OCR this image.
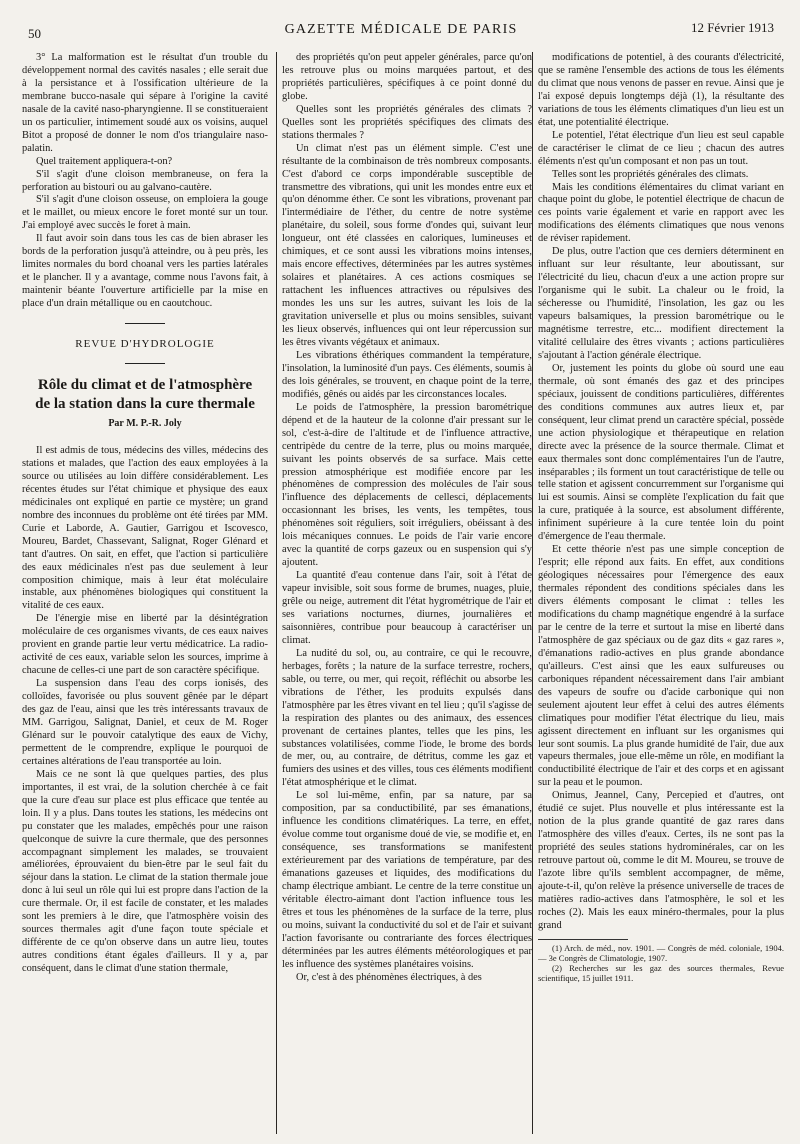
50	GAZETTE MÉDICALE DE PARIS	12 Février 1913

3° La malformation est le résultat d'un trouble du développement normal des cavités nasales ; elle serait due à la persistance et à l'ossification ultérieure de la membrane bucco-nasale qui sépare à l'origine la cavité nasale de la cavité naso-pharyngienne. Il se constitueraient un os particulier, intimement soudé aux os voisins, auquel Bitot a proposé de donner le nom d'os triangulaire naso-palatin.

Quel traitement appliquera-t-on?

S'il s'agit d'une cloison membraneuse, on fera la perforation au bistouri ou au galvano-cautère.

S'il s'agit d'une cloison osseuse, on emploiera la gouge et le maillet, ou mieux encore le foret monté sur un tour. J'ai employé avec succès le foret à main.

Il faut avoir soin dans tous les cas de bien abraser les bords de la perforation jusqu'à atteindre, ou à peu près, les limites normales du bord choanal vers les parties latérales et le plancher. Il y a avantage, comme nous l'avons fait, à maintenir béante l'ouverture artificielle par la mise en place d'un drain métallique ou en caoutchouc.

REVUE D'HYDROLOGIE
Rôle du climat et de l'atmosphère
de la station dans la cure thermale
Par M. P.-R. Joly

Il est admis de tous, médecins des villes, médecins des stations et malades, que l'action des eaux employées à la source ou utilisées au loin diffère considérablement. Les récentes études sur l'état chimique et physique des eaux médicinales ont expliqué en partie ce mystère; un grand nombre des inconnues du problème ont été tirées par MM. Curie et Laborde, A. Gautier, Garrigou et Iscovesco, Moureu, Bardet, Chassevant, Salignat, Roger Glénard et tant d'autres. On sait, en effet, que l'action si particulière des eaux médicinales n'est pas due seulement à leur composition chimique, mais à leur état moléculaire instable, aux phénomènes biologiques qui constituent la vitalité de ces eaux.

De l'énergie mise en liberté par la désintégration moléculaire de ces organismes vivants, de ces eaux naives provient en grande partie leur vertu médicatrice. La radio-activité de ces eaux, variable selon les sources, imprime à chacune de celles-ci une part de son caractère spécifique.

La suspension dans l'eau des corps ionisés, des colloïdes, favorisée ou plus souvent gênée par le départ des gaz de l'eau, ainsi que les très intéressants travaux de MM. Garrigou, Salignat, Daniel, et ceux de M. Roger Glénard sur le pouvoir catalytique des eaux de Vichy, permettent de le comprendre, explique le pourquoi de certaines altérations de l'eau transportée au loin.

Mais ce ne sont là que quelques parties, des plus importantes, il est vrai, de la solution cherchée à ce fait que la cure d'eau sur place est plus efficace que tentée au loin. Il y a plus. Dans toutes les stations, les médecins ont pu constater que les malades, empêchés pour une raison quelconque de suivre la cure thermale, que des personnes accompagnant simplement les malades, se trouvaient améliorées, éprouvaient du bien-être par le seul fait du séjour dans la station. Le climat de la station thermale joue donc à lui seul un rôle qui lui est propre dans l'action de la cure thermale. Or, il est facile de constater, et les malades sont les premiers à le dire, que l'atmosphère voisin des sources thermales agit d'une façon toute spéciale et différente de ce qu'on observe dans un autre lieu, toutes autres conditions étant égales d'ailleurs. Il y a, par conséquent, dans le climat d'une station thermale,

des propriétés qu'on peut appeler générales, parce qu'on les retrouve plus ou moins marquées partout, et des propriétés particulières, spécifiques à ce point donné du globe.

Quelles sont les propriétés générales des climats ? Quelles sont les propriétés spécifiques des climats des stations thermales ?

Un climat n'est pas un élément simple. C'est une résultante de la combinaison de très nombreux composants. C'est d'abord ce corps impondérable susceptible de transmettre des vibrations, qui unit les mondes entre eux et qu'on dénomme éther. Ce sont les vibrations, provenant par l'intermédiaire de l'éther, du centre de notre système planétaire, du soleil, sous forme d'ondes qui, suivant leur longueur, ont été classées en caloriques, lumineuses et chimiques, et ce sont aussi les vibrations moins intenses, mais encore effectives, déterminées par les autres systèmes solaires et planétaires. A ces actions cosmiques se rattachent les influences attractives ou répulsives des mondes les uns sur les autres, suivant les lois de la gravitation universelle et plus ou moins sensibles, suivant les lieux observés, influences qui ont leur répercussion sur les êtres vivants végétaux et animaux.

Les vibrations éthériques commandent la température, l'insolation, la luminosité d'un pays. Ces éléments, soumis à des lois générales, se trouvent, en chaque point de la terre, modifiés, gênés ou aidés par les circonstances locales.

Le poids de l'atmosphère, la pression barométrique dépend et de la hauteur de la colonne d'air pressant sur le sol, c'est-à-dire de l'altitude et de l'influence attractive, centripède du centre de la terre, plus ou moins marquée, suivant les points observés de sa surface. Mais cette pression atmosphérique est modifiée encore par les phénomènes de compression des molécules de l'air sous l'influence des déplacements de cellesci, déplacements occasionnant les brises, les vents, les tempêtes, tous phénomènes soit réguliers, soit irréguliers, obéissant à des lois mécaniques connues. Le poids de l'air varie encore avec la quantité de corps gazeux ou en suspension qui s'y ajoutent.

La quantité d'eau contenue dans l'air, soit à l'état de vapeur invisible, soit sous forme de brumes, nuages, pluie, grêle ou neige, autrement dit l'état hygrométrique de l'air et ses variations nocturnes, diurnes, journalières et saisonnières, contribue pour beaucoup à caractériser un climat.

La nudité du sol, ou, au contraire, ce qui le recouvre, herbages, forêts ; la nature de la surface terrestre, rochers, sable, ou terre, ou mer, qui reçoit, réfléchit ou absorbe les vibrations de l'éther, les produits expulsés dans l'atmosphère par les êtres vivant en tel lieu ; qu'il s'agisse de la respiration des plantes ou des animaux, des essences provenant de certaines plantes, telles que les pins, les substances volatilisées, comme l'iode, le brome des bords de mer, ou, au contraire, de détritus, comme les gaz et fumiers des usines et des villes, tous ces éléments modifient l'état atmosphérique et le climat.

Le sol lui-même, enfin, par sa nature, par sa composition, par sa conductibilité, par ses émanations, influence les conditions climatériques. La terre, en effet, évolue comme tout organisme doué de vie, se modifie et, en conséquence, ses transformations se manifestent extérieurement par des variations de température, par des émanations gazeuses et liquides, des modifications du champ électrique ambiant. Le centre de la terre constitue un véritable électro-aimant dont l'action influence tous les êtres et tous les phénomènes de la surface de la terre, plus ou moins, suivant la conductivité du sol et de l'air et suivant l'action favorisante ou contrariante des forces électriques déterminées par les autres éléments météorologiques et par les influence des systèmes planétaires voisins.

Or, c'est à des phénomènes électriques, à des

modifications de potentiel, à des courants d'électricité, que se ramène l'ensemble des actions de tous les éléments du climat que nous venons de passer en revue. Ainsi que je l'ai exposé depuis longtemps déjà (1), la résultante des variations de tous les éléments climatiques d'un lieu est un état, une potentialité électrique.

Le potentiel, l'état électrique d'un lieu est seul capable de caractériser le climat de ce lieu ; chacun des autres éléments n'est qu'un composant et non pas un tout.

Telles sont les propriétés générales des climats.

Mais les conditions élémentaires du climat variant en chaque point du globe, le potentiel électrique de chacun de ces points varie également et varie en rapport avec les modifications des éléments climatiques que nous venons de réviser rapidement.

De plus, outre l'action que ces derniers déterminent en influant sur leur résultante, leur aboutissant, sur l'électricité du lieu, chacun d'eux a une action propre sur l'organisme qui le subit. La chaleur ou le froid, la sécheresse ou l'humidité, l'insolation, les gaz ou les vapeurs balsamiques, la pression barométrique ou le magnétisme terrestre, etc... modifient directement la vitalité cellulaire des êtres vivants ; actions particulières s'ajoutant à l'action générale électrique.

Or, justement les points du globe où sourd une eau thermale, où sont émanés des gaz et des principes spéciaux, jouissent de conditions particulières, différentes des conditions communes aux autres lieux et, par conséquent, leur climat prend un caractère spécial, possède une action physiologique et thérapeutique en relation directe avec la présence de la source thermale. Climat et eaux thermales sont donc complémentaires l'un de l'autre, inséparables ; ils forment un tout caractéristique de telle ou telle station et agissent concurremment sur l'organisme qui lui est soumis. Ainsi se complète l'explication du fait que la cure, pratiquée à la source, est absolument différente, infiniment supérieure à la cure tentée loin du point d'émergence de l'eau thermale.

Et cette théorie n'est pas une simple conception de l'esprit; elle répond aux faits. En effet, aux conditions géologiques nécessaires pour l'émergence des eaux thermales répondent des conditions spéciales dans les divers éléments composant le climat : telles les modifications du champ magnétique engendré à la surface par le centre de la terre et surtout la mise en liberté dans l'atmosphère de gaz spéciaux ou de gaz dits « gaz rares », d'émanations radio-actives en plus grande abondance qu'ailleurs. C'est ainsi que les eaux sulfureuses ou carboniques répandent nécessairement dans l'air ambiant des vapeurs de soufre ou d'acide carbonique qui non seulement ajoutent leur effet à celui des autres éléments climatiques pour modifier l'état électrique du lieu, mais agissent directement en influant sur les organismes qui leur sont soumis. La plus grande humidité de l'air, due aux vapeurs thermales, joue elle-même un rôle, en modifiant la conductibilité électrique de l'air et des corps et en agissant sur la peau et le poumon.

Onimus, Jeannel, Cany, Percepied et d'autres, ont étudié ce sujet. Plus nouvelle et plus intéressante est la notion de la plus grande quantité de gaz rares dans l'atmosphère des villes d'eaux. Certes, ils ne sont pas la propriété des seules stations hydrominérales, car on les retrouve partout où, comme le dit M. Moureu, se trouve de l'azote libre qu'ils semblent accompagner, de même, ajoute-t-il, qu'on relève la présence universelle de traces de matières radio-actives dans l'atmosphère, le sol et les roches (2). Mais les eaux minéro-thermales, pour la plus grand

(1) Arch. de méd., nov. 1901. — Congrès de méd. coloniale, 1904. — 3e Congrès de Climatologie, 1907.

(2) Recherches sur les gaz des sources thermales, Revue scientifique, 15 juillet 1911.
